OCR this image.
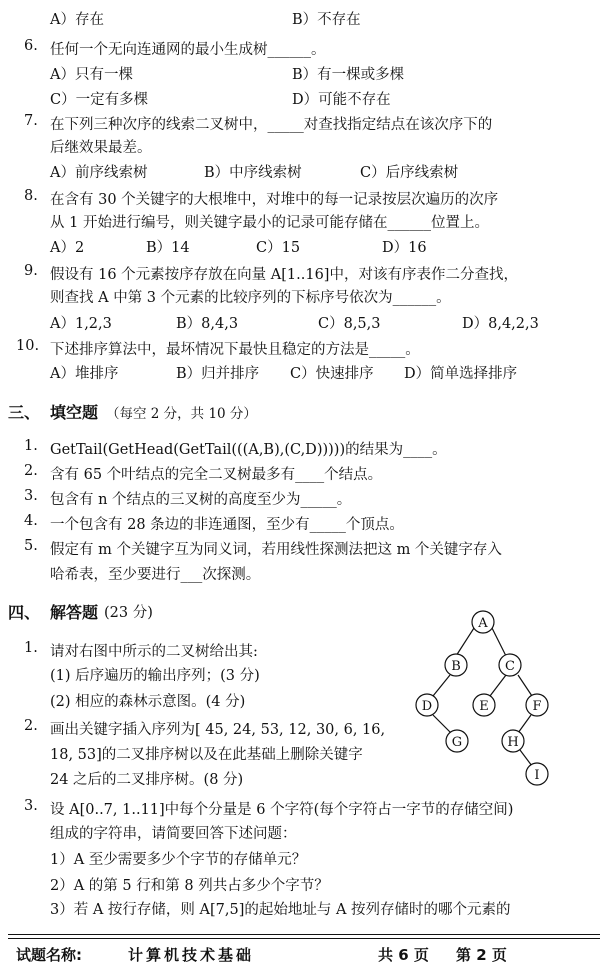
A）存在	B）不存在
6. 任何一个无向连通网的最小生成树______。
A）只有一棵	B）有一棵或多棵
C）一定有多棵	D）可能不存在
7. 在下列三种次序的线索二叉树中，_____对查找指定结点在该次序下的
后继效果最差。
A）前序线索树	B）中序线索树	C）后序线索树
8. 在含有 30 个关键字的大根堆中，对堆中的每一记录按层次遍历的次序
从 1 开始进行编号，则关键字最小的记录可能存储在______位置上。
A）2	B）14	C）15	D）16
9. 假设有 16 个元素按序存放在向量 A[1..16]中，对该有序表作二分查找，
则查找 A 中第 3 个元素的比较序列的下标序号依次为______。
A）1,2,3	B）8,4,3	C）8,5,3	D）8,4,2,3
10. 下述排序算法中，最坏情况下最快且稳定的方法是_____。
A）堆排序	B）归并排序 C）快速排序 D）简单选择排序
三、 填空题 （每空 2 分，共 10 分）
1. GetTail(GetHead(GetTail(((A,B),(C,D)))))的结果为____。
2. 含有 65 个叶结点的完全二叉树最多有____个结点。
3. 包含有 n 个结点的三叉树的高度至少为_____。
4. 一个包含有 28 条边的非连通图，至少有_____个顶点。
5. 假定有 m 个关键字互为同义词，若用线性探测法把这 m 个关键字存入
哈希表，至少要进行___次探测。
四、 解答题 (23 分)
1. 请对右图中所示的二叉树给出其:
(1) 后序遍历的输出序列；(3 分)
(2) 相应的森林示意图。(4 分)
2. 画出关键字插入序列为[ 45, 24, 53, 12, 30, 6, 16,
18, 53]的二叉排序树以及在此基础上删除关键字
24 之后的二叉排序树。(8 分)
3. 设 A[0..7, 1..11]中每个分量是 6 个字符(每个字符占一字节的存储空间)
组成的字符串，请简要回答下述问题：
1）A 至少需要多少个字节的存储单元？
2）A 的第 5 行和第 8 列共占多少个字节？
3）若 A 按行存储，则 A[7,5]的起始地址与 A 按列存储时的哪个元素的
A
B	C
D	E	F
G	H
I
试题名称:	计算机技术基础	共 6 页 第 2 页
